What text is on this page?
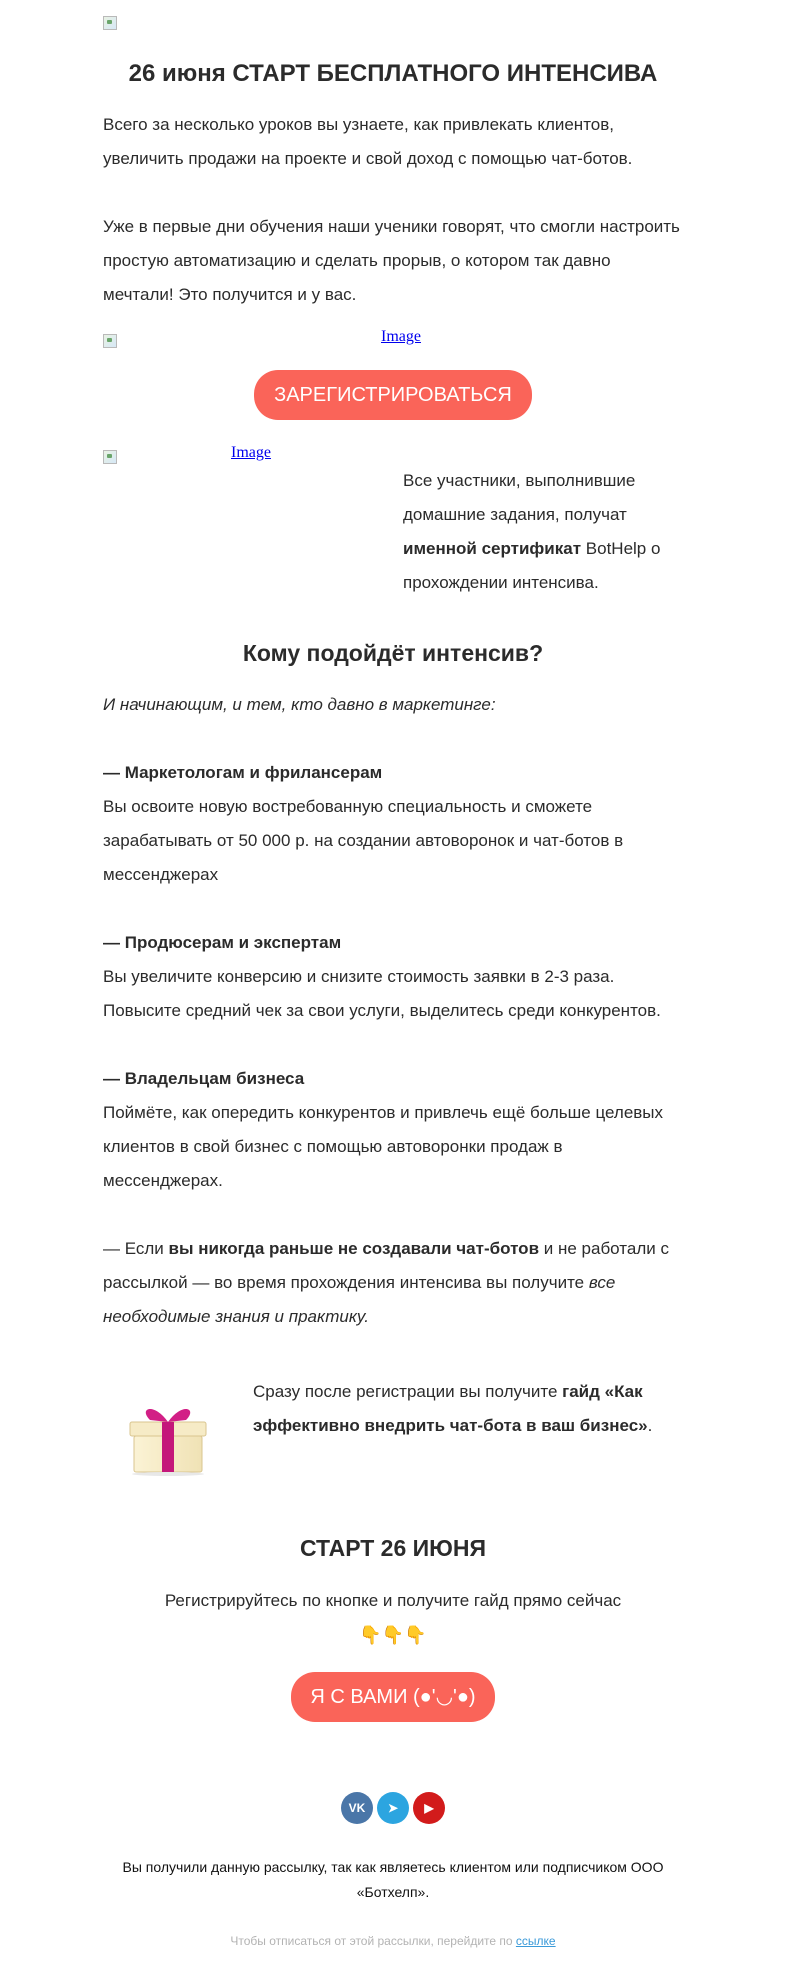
26 июня СТАРТ БЕСПЛАТНОГО ИНТЕНСИВА

Всего за несколько уроков вы узнаете, как привлекать клиентов, увеличить продажи на проекте и свой доход с помощью чат-ботов.

Уже в первые дни обучения наши ученики говорят, что смогли настроить простую автоматизацию и сделать прорыв, о котором так давно мечтали! Это получится и у вас.

Image
ЗАРЕГИСТРИРОВАТЬСЯ
Image

Все участники, выполнившие домашние задания, получат именной сертификат BotHelp о прохождении интенсива.

Кому подойдёт интенсив?

И начинающим, и тем, кто давно в маркетинге:

— Маркетологам и фрилансерам

Вы освоите новую востребованную специальность и сможете зарабатывать от 50 000 р. на создании автоворонок и чат-ботов в мессенджерах

— Продюсерам и экспертам

Вы увеличите конверсию и снизите стоимость заявки в 2-3 раза. Повысите средний чек за свои услуги, выделитесь среди конкурентов.

— Владельцам бизнеса

Поймёте, как опередить конкурентов и привлечь ещё больше целевых клиентов в свой бизнес с помощью автоворонки продаж в мессенджерах.

— Если вы никогда раньше не создавали чат-ботов и не работали с рассылкой — во время прохождения интенсива вы получите все необходимые знания и практику.

Сразу после регистрации вы получите гайд «Как эффективно внедрить чат-бота в ваш бизнес».

СТАРТ 26 ИЮНЯ

Регистрируйтесь по кнопке и получите гайд прямо сейчас

👇👇👇

Я С ВАМИ (●'◡'●)
VK	➤	▶
Вы получили данную рассылку, так как являетесь клиентом или подписчиком ООО «Ботхелп».
Чтобы отписаться от этой рассылки, перейдите по ссылке
